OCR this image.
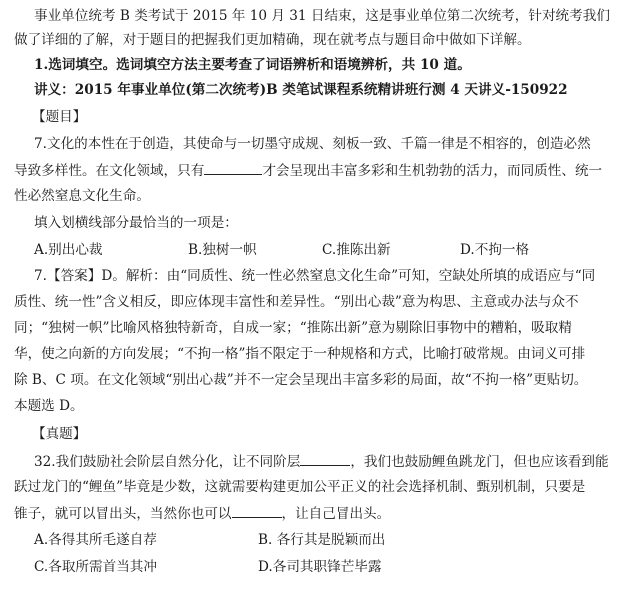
事业单位统考 B 类考试于 2015 年 10 月 31 日结束，这是事业单位第二次统考，针对统考我们
做了详细的了解，对于题目的把握我们更加精确，现在就考点与题目命中做如下详解。
1.选词填空。选词填空方法主要考查了词语辨析和语境辨析，共 10 道。
讲义：2015 年事业单位(第二次统考)B 类笔试课程系统精讲班行测 4 天讲义-150922
【题目】
7.文化的本性在于创造，其使命与一切墨守成规、刻板一致、千篇一律是不相容的，创造必然
导致多样性。在文化领域，只有	才会呈现出丰富多彩和生机勃勃的活力，而同质性、统一
性必然窒息文化生命。
填入划横线部分最恰当的一项是：
A.别出心裁	B.独树一帜	C.推陈出新	D.不拘一格
7.【答案】D。解析：由“同质性、统一性必然窒息文化生命”可知，空缺处所填的成语应与“同
质性、统一性”含义相反，即应体现丰富性和差异性。“别出心裁”意为构思、主意或办法与众不
同；“独树一帜”比喻风格独特新奇，自成一家；“推陈出新”意为剔除旧事物中的糟粕，吸取精
华，使之向新的方向发展；“不拘一格”指不限定于一种规格和方式，比喻打破常规。由词义可排
除 B、C 项。在文化领域“别出心裁”并不一定会呈现出丰富多彩的局面，故“不拘一格”更贴切。
本题选 D。
【真题】
32.我们鼓励社会阶层自然分化，让不同阶层	，我们也鼓励鲤鱼跳龙门，但也应该看到能
跃过龙门的“鲤鱼”毕竟是少数，这就需要构建更加公平正义的社会选择机制、甄别机制，只要是
锥子，就可以冒出头，当然你也可以	，让自己冒出头。
A.各得其所毛遂自荐	B. 各行其是脱颖而出
C.各取所需首当其冲	D.各司其职锋芒毕露
